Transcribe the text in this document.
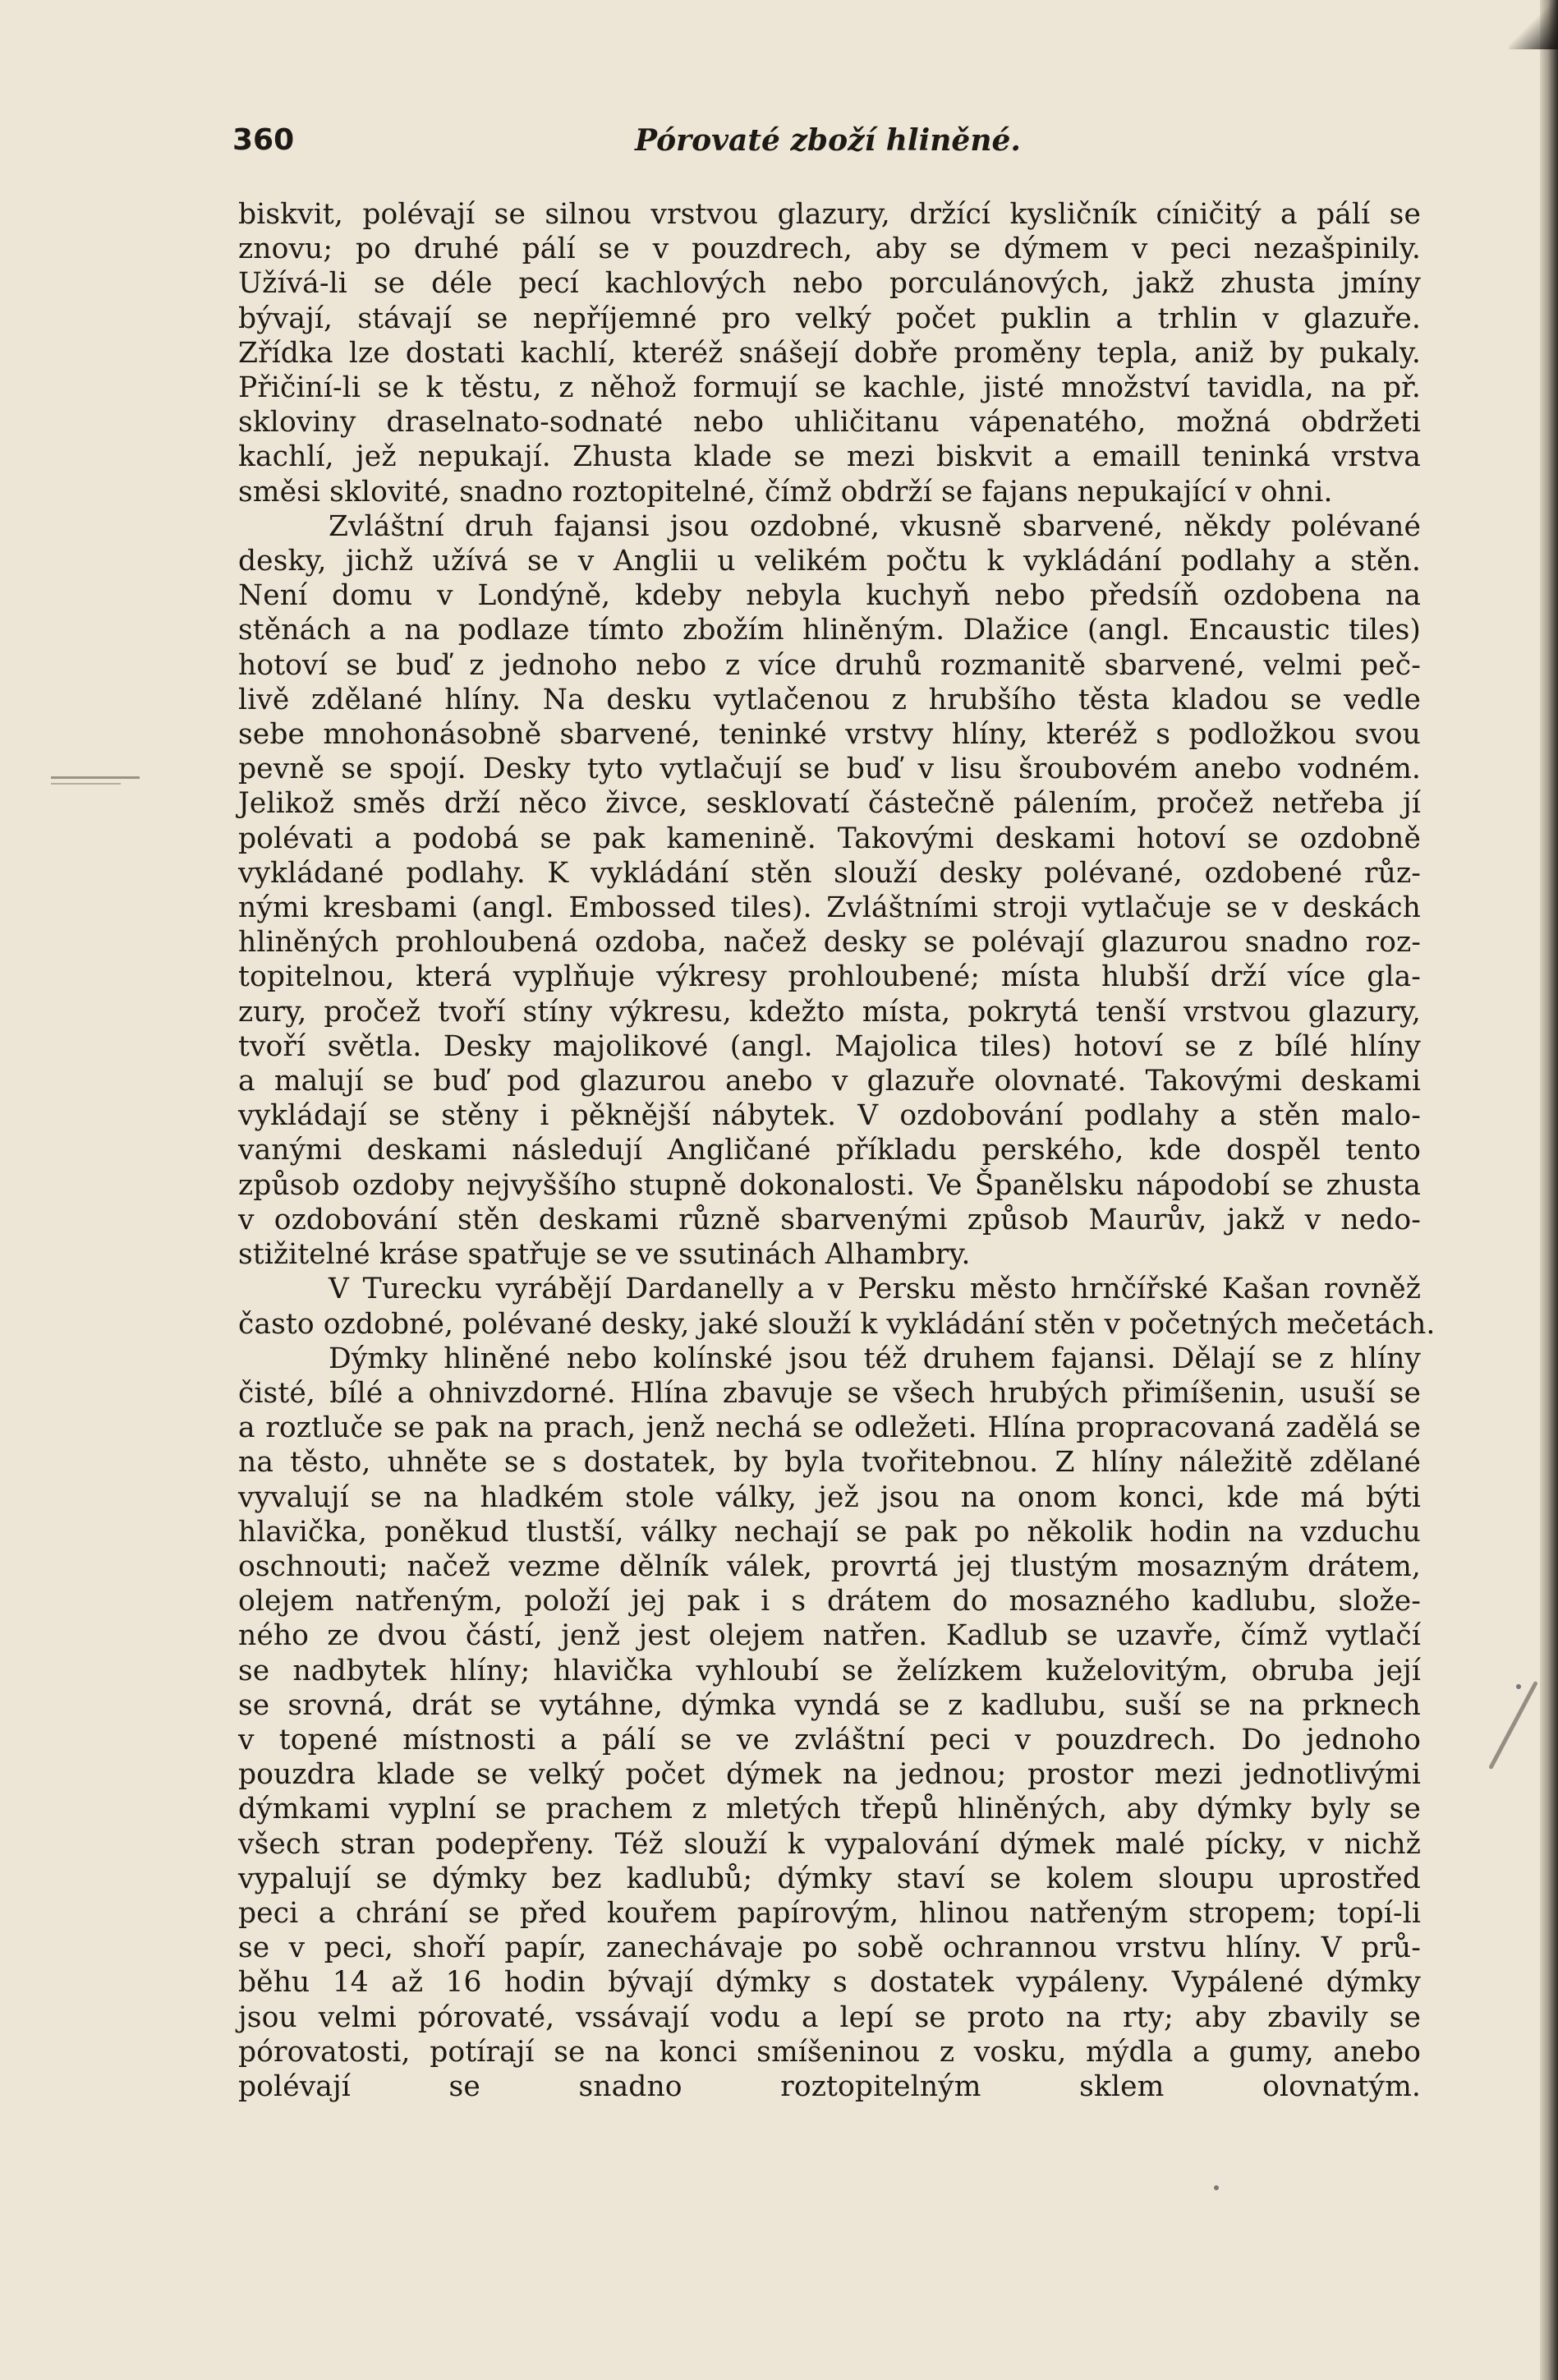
360	Pórovaté zboží hliněné.
biskvit, polévají se silnou vrstvou glazury, držící kysličník cíničitý a pálí se
znovu; po druhé pálí se v pouzdrech, aby se dýmem v peci nezašpinily.
Užívá-li se déle pecí kachlových nebo porculánových, jakž zhusta jmíny
bývají, stávají se nepříjemné pro velký počet puklin a trhlin v glazuře.
Zřídka lze dostati kachlí, kteréž snášejí dobře proměny tepla, aniž by pukaly.
Přičiní-li se k těstu, z něhož formují se kachle, jisté množství tavidla, na př.
skloviny draselnato-sodnaté nebo uhličitanu vápenatého, možná obdržeti
kachlí, jež nepukají. Zhusta klade se mezi biskvit a emaill teninká vrstva
směsi sklovité, snadno roztopitelné, čímž obdrží se fajans nepukající v ohni.
Zvláštní druh fajansi jsou ozdobné, vkusně sbarvené, někdy polévané
desky, jichž užívá se v Anglii u velikém počtu k vykládání podlahy a stěn.
Není domu v Londýně, kdeby nebyla kuchyň nebo předsíň ozdobena na
stěnách a na podlaze tímto zbožím hliněným. Dlažice (angl. Encaustic tiles)
hotoví se buď z jednoho nebo z více druhů rozmanitě sbarvené, velmi peč-
livě zdělané hlíny. Na desku vytlačenou z hrubšího těsta kladou se vedle
sebe mnohonásobně sbarvené, teninké vrstvy hlíny, kteréž s podložkou svou
pevně se spojí. Desky tyto vytlačují se buď v lisu šroubovém anebo vodném.
Jelikož směs drží něco živce, sesklovatí částečně pálením, pročež netřeba jí
polévati a podobá se pak kamenině. Takovými deskami hotoví se ozdobně
vykládané podlahy. K vykládání stěn slouží desky polévané, ozdobené růz-
nými kresbami (angl. Embossed tiles). Zvláštními stroji vytlačuje se v deskách
hliněných prohloubená ozdoba, načež desky se polévají glazurou snadno roz-
topitelnou, která vyplňuje výkresy prohloubené; místa hlubší drží více gla-
zury, pročež tvoří stíny výkresu, kdežto místa, pokrytá tenší vrstvou glazury,
tvoří světla. Desky majolikové (angl. Majolica tiles) hotoví se z bílé hlíny
a malují se buď pod glazurou anebo v glazuře olovnaté. Takovými deskami
vykládají se stěny i pěknější nábytek. V ozdobování podlahy a stěn malo-
vanými deskami následují Angličané příkladu perského, kde dospěl tento
způsob ozdoby nejvyššího stupně dokonalosti. Ve Španělsku nápodobí se zhusta
v ozdobování stěn deskami různě sbarvenými způsob Maurův, jakž v nedo-
stižitelné kráse spatřuje se ve ssutinách Alhambry.
V Turecku vyrábějí Dardanelly a v Persku město hrnčířské Kašan rovněž
často ozdobné, polévané desky, jaké slouží k vykládání stěn v početných mečetách.
Dýmky hliněné nebo kolínské jsou též druhem fajansi. Dělají se z hlíny
čisté, bílé a ohnivzdorné. Hlína zbavuje se všech hrubých přimíšenin, usuší se
a roztluče se pak na prach, jenž nechá se odležeti. Hlína propracovaná zadělá se
na těsto, uhněte se s dostatek, by byla tvořitebnou. Z hlíny náležitě zdělané
vyvalují se na hladkém stole války, jež jsou na onom konci, kde má býti
hlavička, poněkud tlustší, války nechají se pak po několik hodin na vzduchu
oschnouti; načež vezme dělník válek, provrtá jej tlustým mosazným drátem,
olejem natřeným, položí jej pak i s drátem do mosazného kadlubu, slože-
ného ze dvou částí, jenž jest olejem natřen. Kadlub se uzavře, čímž vytlačí
se nadbytek hlíny; hlavička vyhloubí se želízkem kuželovitým, obruba její
se srovná, drát se vytáhne, dýmka vyndá se z kadlubu, suší se na prknech
v topené místnosti a pálí se ve zvláštní peci v pouzdrech. Do jednoho
pouzdra klade se velký počet dýmek na jednou; prostor mezi jednotlivými
dýmkami vyplní se prachem z mletých třepů hliněných, aby dýmky byly se
všech stran podepřeny. Též slouží k vypalování dýmek malé pícky, v nichž
vypalují se dýmky bez kadlubů; dýmky staví se kolem sloupu uprostřed
peci a chrání se před kouřem papírovým, hlinou natřeným stropem; topí-li
se v peci, shoří papír, zanechávaje po sobě ochrannou vrstvu hlíny. V prů-
běhu 14 až 16 hodin bývají dýmky s dostatek vypáleny. Vypálené dýmky
jsou velmi pórovaté, vssávají vodu a lepí se proto na rty; aby zbavily se
pórovatosti, potírají se na konci smíšeninou z vosku, mýdla a gumy, anebo
polévají se snadno roztopitelným sklem olovnatým.
